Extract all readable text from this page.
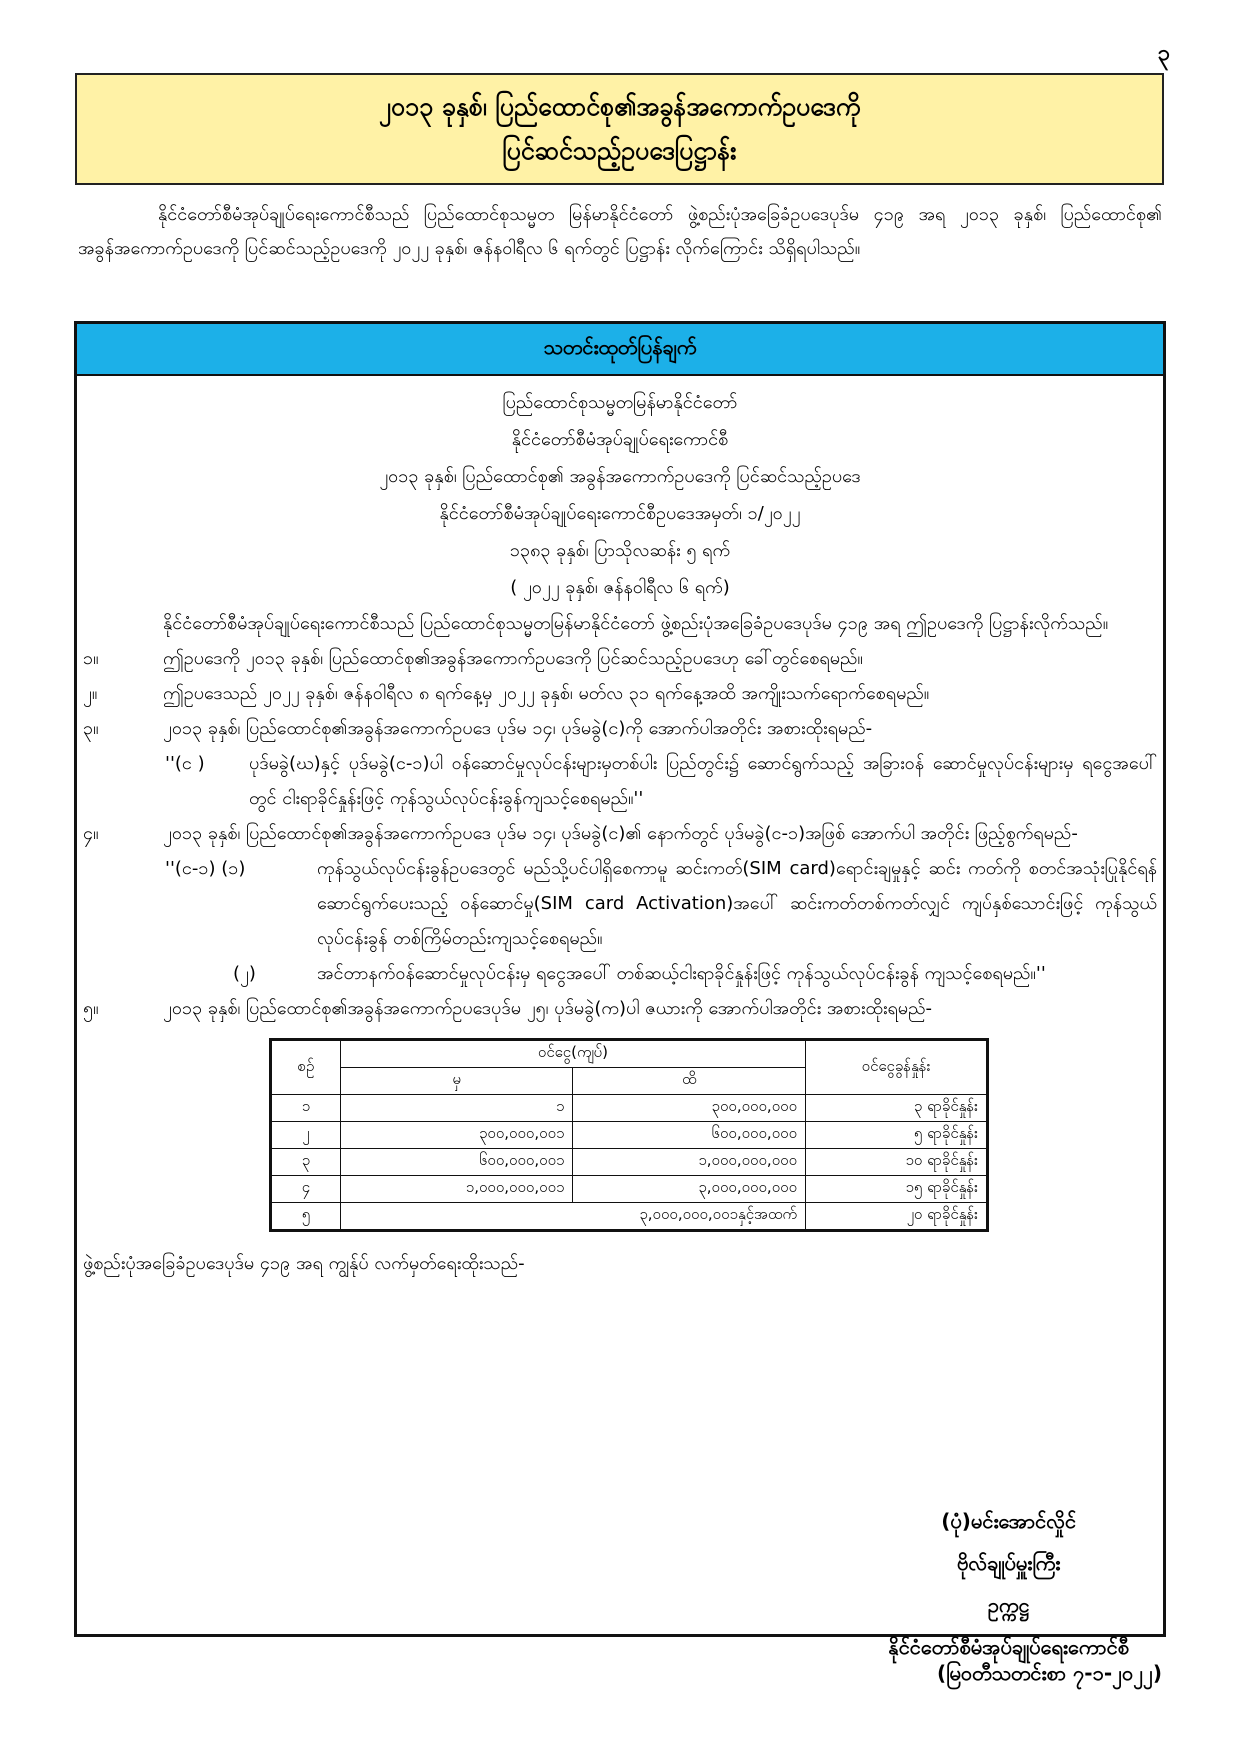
၃
၂၀၁၃ ခုနှစ်၊ ပြည်ထောင်စု၏အခွန်အကောက်ဥပဒေကို
ပြင်ဆင်သည့်ဥပဒေပြဋ္ဌာန်း

နိုင်ငံတော်စီမံအုပ်ချုပ်ရေးကောင်စီသည် ပြည်ထောင်စုသမ္မတ မြန်မာနိုင်ငံတော် ဖွဲ့စည်းပုံအခြေခံဥပဒေပုဒ်မ ၄၁၉ အရ ၂၀၁၃ ခုနှစ်၊ ပြည်ထောင်စု၏ အခွန်အကောက်ဥပဒေကို ပြင်ဆင်သည့်ဥပဒေကို ၂၀၂၂ ခုနှစ်၊ ဇန်နဝါရီလ ၆ ရက်တွင် ပြဋ္ဌာန်း လိုက်ကြောင်း သိရှိရပါသည်။

သတင်းထုတ်ပြန်ချက်
ပြည်ထောင်စုသမ္မတမြန်မာနိုင်ငံတော်
နိုင်ငံတော်စီမံအုပ်ချုပ်ရေးကောင်စီ
၂၀၁၃ ခုနှစ်၊ ပြည်ထောင်စု၏ အခွန်အကောက်ဥပဒေကို ပြင်ဆင်သည့်ဥပဒေ
နိုင်ငံတော်စီမံအုပ်ချုပ်ရေးကောင်စီဥပဒေအမှတ်၊ ၁/၂၀၂၂
၁၃၈၃ ခုနှစ်၊ ပြာသိုလဆန်း ၅ ရက်
( ၂၀၂၂ ခုနှစ်၊ ဇန်နဝါရီလ ၆ ရက်)

နိုင်ငံတော်စီမံအုပ်ချုပ်ရေးကောင်စီသည် ပြည်ထောင်စုသမ္မတမြန်မာနိုင်ငံတော် ဖွဲ့စည်းပုံအခြေခံဥပဒေပုဒ်မ ၄၁၉ အရ ဤဥပဒေကို ပြဋ္ဌာန်းလိုက်သည်။

၁။	ဤဥပဒေကို ၂၀၁၃ ခုနှစ်၊ ပြည်ထောင်စု၏အခွန်အကောက်ဥပဒေကို ပြင်ဆင်သည့်ဥပဒေဟု ခေါ်တွင်စေရမည်။
၂။	ဤဥပဒေသည် ၂၀၂၂ ခုနှစ်၊ ဇန်နဝါရီလ ၈ ရက်နေ့မှ ၂၀၂၂ ခုနှစ်၊ မတ်လ ၃၁ ရက်နေ့အထိ အကျိုးသက်ရောက်စေရမည်။
၃။	၂၀၁၃ ခုနှစ်၊ ပြည်ထောင်စု၏အခွန်အကောက်ဥပဒေ ပုဒ်မ ၁၄၊ ပုဒ်မခွဲ(င)ကို အောက်ပါအတိုင်း အစားထိုးရမည်-
''(င )	ပုဒ်မခွဲ(ဃ)နှင့် ပုဒ်မခွဲ(င-၁)ပါ ဝန်ဆောင်မှုလုပ်ငန်းများမှတစ်ပါး ပြည်တွင်း၌ ဆောင်ရွက်သည့် အခြားဝန် ဆောင်မှုလုပ်ငန်းများမှ ရငွေအပေါ်တွင် ငါးရာခိုင်နှုန်းဖြင့် ကုန်သွယ်လုပ်ငန်းခွန်ကျသင့်စေရမည်။''
၄။	၂၀၁၃ ခုနှစ်၊ ပြည်ထောင်စု၏အခွန်အကောက်ဥပဒေ ပုဒ်မ ၁၄၊ ပုဒ်မခွဲ(င)၏ နောက်တွင် ပုဒ်မခွဲ(င-၁)အဖြစ် အောက်ပါ အတိုင်း ဖြည့်စွက်ရမည်-
''(င-၁) (၁)	ကုန်သွယ်လုပ်ငန်းခွန်ဥပဒေတွင် မည်သို့ပင်ပါရှိစေကာမူ ဆင်းကတ်(SIM card)ရောင်းချမှုနှင့် ဆင်း ကတ်ကို စတင်အသုံးပြုနိုင်ရန် ဆောင်ရွက်ပေးသည့် ဝန်ဆောင်မှု(SIM card Activation)အပေါ် ဆင်းကတ်တစ်ကတ်လျှင် ကျပ်နှစ်သောင်းဖြင့် ကုန်သွယ်လုပ်ငန်းခွန် တစ်ကြိမ်တည်းကျသင့်စေရမည်။
(၂)	အင်တာနက်ဝန်ဆောင်မှုလုပ်ငန်းမှ ရငွေအပေါ် တစ်ဆယ့်ငါးရာခိုင်နှုန်းဖြင့် ကုန်သွယ်လုပ်ငန်းခွန် ကျသင့်စေရမည်။''
၅။	၂၀၁၃ ခုနှစ်၊ ပြည်ထောင်စု၏အခွန်အကောက်ဥပဒေပုဒ်မ ၂၅၊ ပုဒ်မခွဲ(က)ပါ ဇယားကို အောက်ပါအတိုင်း အစားထိုးရမည်-
စဉ်	ဝင်ငွေ(ကျပ်)		ဝင်ငွေခွန်နှုန်း
	မှ	ထိ	
၁	၁	၃၀၀,၀၀၀,၀၀၀	၃ ရာခိုင်နှုန်း
၂	၃၀၀,၀၀၀,၀၀၁	၆၀၀,၀၀၀,၀၀၀	၅ ရာခိုင်နှုန်း
၃	၆၀၀,၀၀၀,၀၀၁	၁,၀၀၀,၀၀၀,၀၀၀	၁၀ ရာခိုင်နှုန်း
၄	၁,၀၀၀,၀၀၀,၀၀၁	၃,၀၀၀,၀၀၀,၀၀၀	၁၅ ရာခိုင်နှုန်း
၅	၃,၀၀၀,၀၀၀,၀၀၁နှင့်အထက်		၂၀ ရာခိုင်နှုန်း

ဖွဲ့စည်းပုံအခြေခံဥပဒေပုဒ်မ ၄၁၉ အရ ကျွန်ုပ် လက်မှတ်ရေးထိုးသည်-

(ပုံ)မင်းအောင်လှိုင်
ဗိုလ်ချုပ်မှူးကြီး
ဥက္ကဋ္ဌ
နိုင်ငံတော်စီမံအုပ်ချုပ်ရေးကောင်စီ
(မြဝတီသတင်းစာ ၇-၁-၂၀၂၂)
